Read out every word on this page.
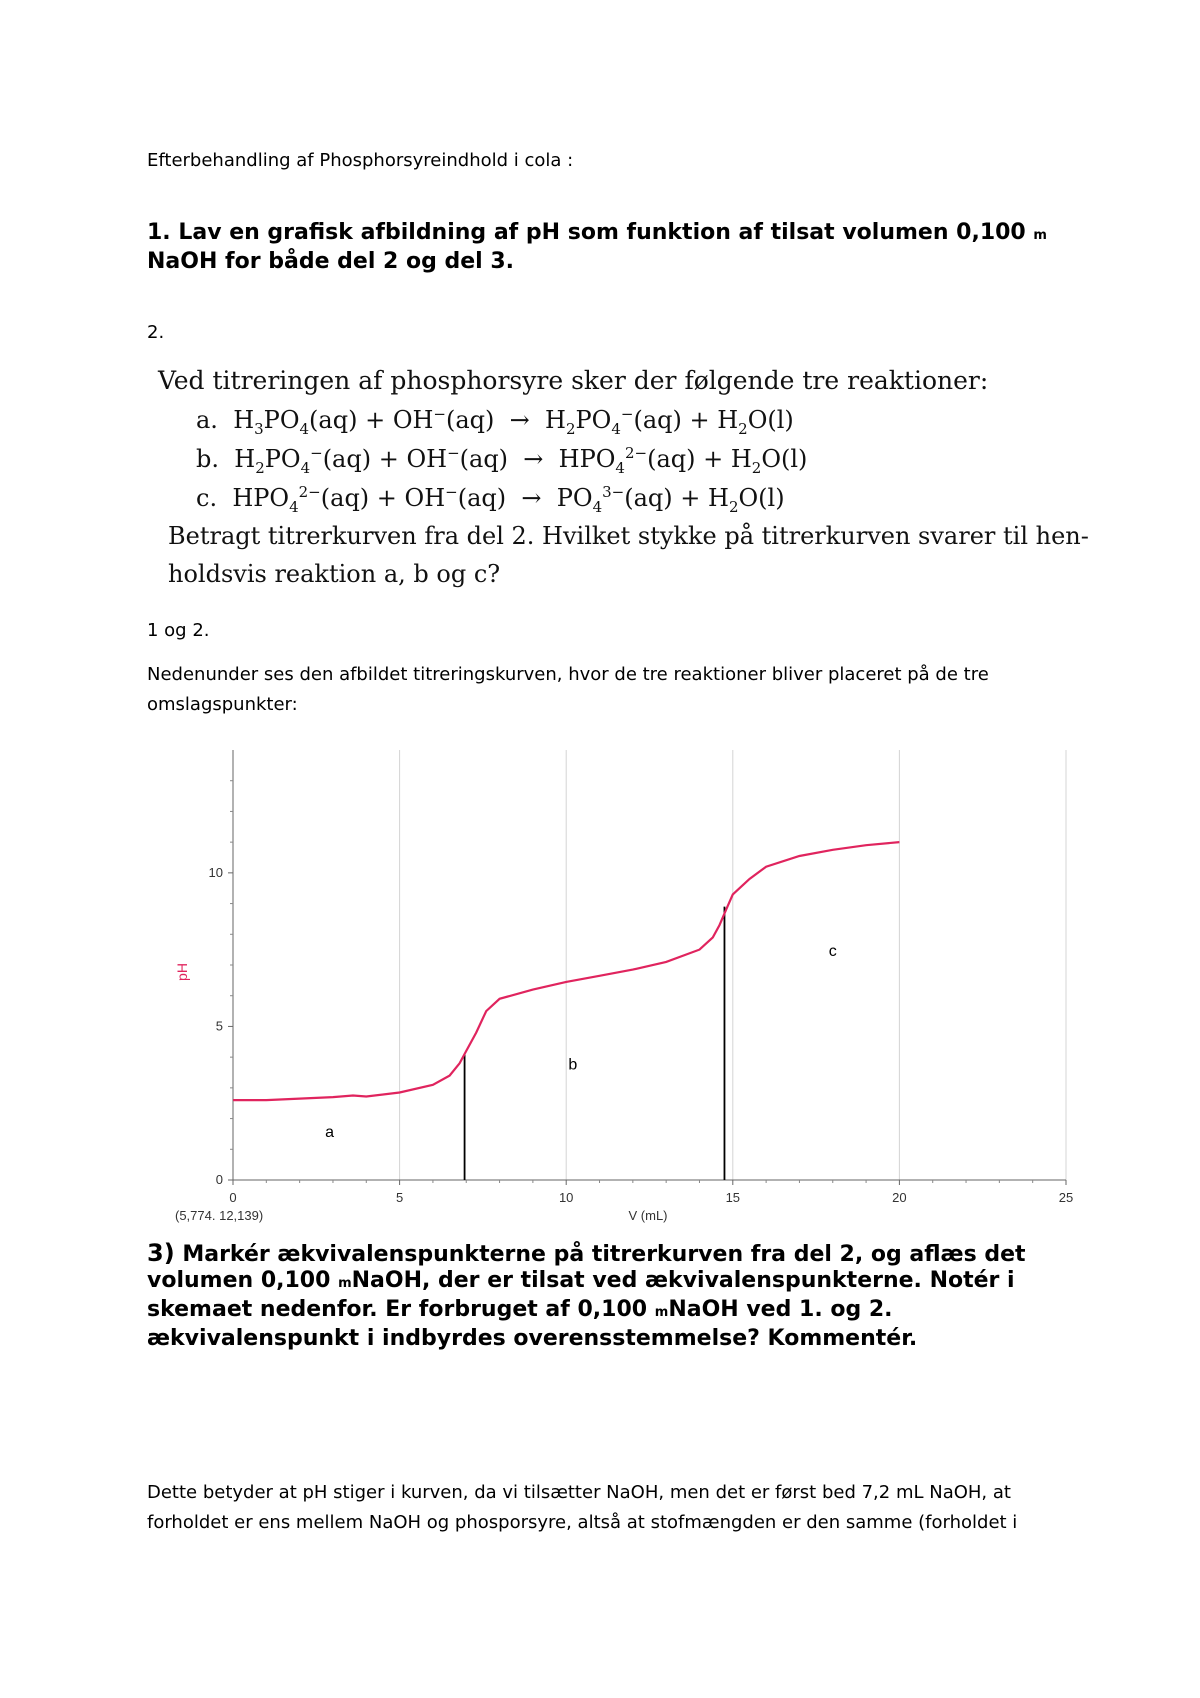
Efterbehandling af Phosphorsyreindhold i cola :
1. Lav en grafisk afbildning af pH som funktion af tilsat volumen 0,100 m
NaOH for både del 2 og del 3.
2.
Ved titreringen af phosphorsyre sker der følgende tre reaktioner:
a.  $H_3PO_4(aq) + OH^-(aq) \to H_2PO_4^-(aq) + H_2O(l)$
b.  $H_2PO_4^-(aq) + OH^-(aq) \to HPO_4^{2-}(aq) + H_2O(l)$
c.  $HPO_4^{2-}(aq) + OH^-(aq) \to PO_4^{3-}(aq) + H_2O(l)$
Betragt titrerkurven fra del 2. Hvilket stykke på titrerkurven svarer til hen-
holdsvis reaktion a, b og c?
1 og 2.
Nedenunder ses den afbildet titreringskurven, hvor de tre reaktioner bliver placeret på de tre
omslagspunkter:
0	5	10	15	20	25
0
5
10
a
b
c
pH
V (mL)
(5,774. 12,139)
3) Markér ækvivalenspunkterne på titrerkurven fra del 2, og aflæs det
volumen 0,100 mNaOH, der er tilsat ved ækvivalenspunkterne. Notér i
skemaet nedenfor. Er forbruget af 0,100 mNaOH ved 1. og 2.
ækvivalenspunkt i indbyrdes overensstemmelse? Kommentér.
Dette betyder at pH stiger i kurven, da vi tilsætter NaOH, men det er først bed 7,2 mL NaOH, at
forholdet er ens mellem NaOH og phosporsyre, altså at stofmængden er den samme (forholdet i
